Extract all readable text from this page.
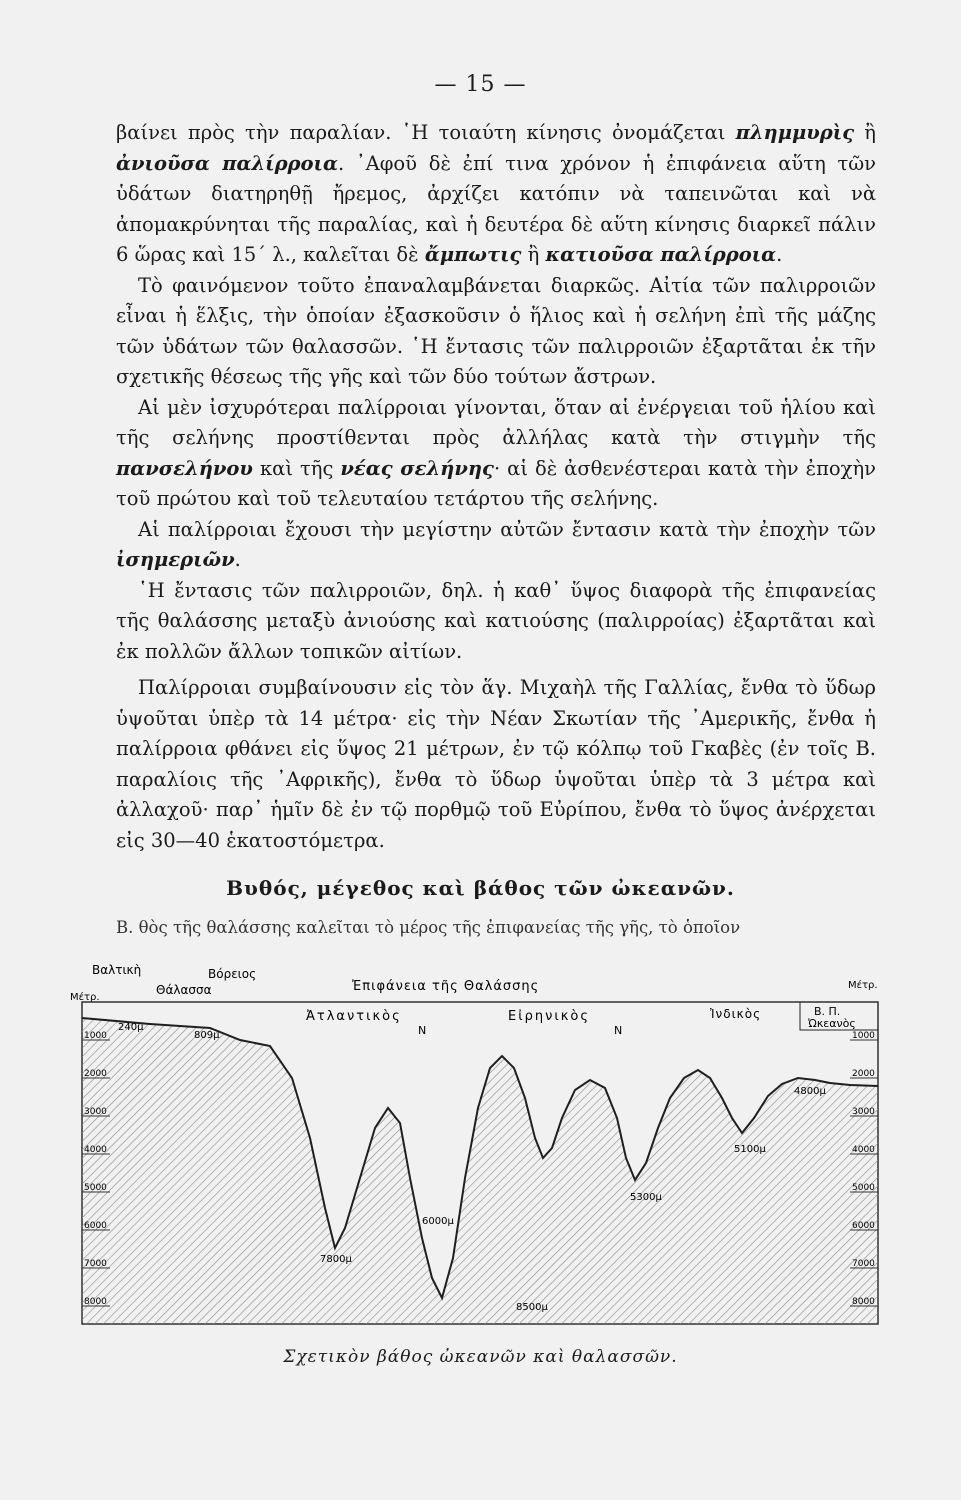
— 15 —

βαίνει πρὸς τὴν παραλίαν. ῾Η τοιαύτη κίνησις ὀνομάζεται πλημμυρὶς ἢ ἀνιοῦσα παλίρροια. ᾿Αφοῦ δὲ ἐπί τινα χρόνον ἡ ἐπιφάνεια αὕτη τῶν ὑδάτων διατηρηθῇ ἤρεμος, ἀρχίζει κατόπιν νὰ ταπεινῶται καὶ νὰ ἀπομακρύνηται τῆς παραλίας, καὶ ἡ δευτέρα δὲ αὕτη κίνησις διαρκεῖ πάλιν 6 ὥρας καὶ 15΄ λ., καλεῖται δὲ ἄμπωτις ἢ κατιοῦσα παλίρροια.

Τὸ φαινόμενον τοῦτο ἐπαναλαμβάνεται διαρκῶς. Αἰτία τῶν παλιρροιῶν εἶναι ἡ ἕλξις, τὴν ὁποίαν ἐξασκοῦσιν ὁ ἥλιος καὶ ἡ σελήνη ἐπὶ τῆς μάζης τῶν ὑδάτων τῶν θαλασσῶν. ῾Η ἔντασις τῶν παλιρροιῶν ἐξαρτᾶται ἐκ τῆν σχετικῆς θέσεως τῆς γῆς καὶ τῶν δύο τούτων ἄστρων.

Αἱ μὲν ἰσχυρότεραι παλίρροιαι γίνονται, ὅταν αἱ ἐνέργειαι τοῦ ἡλίου καὶ τῆς σελήνης προστίθενται πρὸς ἀλλήλας κατὰ τὴν στιγμὴν τῆς πανσελήνου καὶ τῆς νέας σελήνης· αἱ δὲ ἀσθενέστεραι κατὰ τὴν ἐποχὴν τοῦ πρώτου καὶ τοῦ τελευταίου τετάρτου τῆς σελήνης.

Αἱ παλίρροιαι ἔχουσι τὴν μεγίστην αὐτῶν ἔντασιν κατὰ τὴν ἐποχὴν τῶν ἰσημεριῶν.

῾Η ἔντασις τῶν παλιρροιῶν, δηλ. ἡ καθ᾿ ὕψος διαφορὰ τῆς ἐπιφανείας τῆς θαλάσσης μεταξὺ ἀνιούσης καὶ κατιούσης (παλιρροίας) ἐξαρτᾶται καὶ ἐκ πολλῶν ἄλλων τοπικῶν αἰτίων.

Παλίρροιαι συμβαίνουσιν εἰς τὸν ἅγ. Μιχαὴλ τῆς Γαλλίας, ἔνθα τὸ ὕδωρ ὑψοῦται ὑπὲρ τὰ 14 μέτρα· εἰς τὴν Νέαν Σκωτίαν τῆς ᾿Αμερικῆς, ἔνθα ἡ παλίρροια φθάνει εἰς ὕψος 21 μέτρων, ἐν τῷ κόλπῳ τοῦ Γκαβὲς (ἐν τοῖς Β. παραλίοις τῆς ᾿Αφρικῆς), ἔνθα τὸ ὕδωρ ὑψοῦται ὑπὲρ τὰ 3 μέτρα καὶ ἀλλαχοῦ· παρ᾿ ἡμῖν δὲ ἐν τῷ πορθμῷ τοῦ Εὐρίπου, ἔνθα τὸ ὕψος ἀνέρχεται εἰς 30—40 ἑκατοστόμετρα.

Βυθός, μέγεθος καὶ βάθος τῶν ὠκεανῶν.
Β. θὸς τῆς θαλάσσης καλεῖται τὸ μέρος τῆς ἐπιφανείας τῆς γῆς, τὸ ὁποῖον
Βαλτικὴ	Βόρειος
Θάλασσα
Μέτρ.
Ἐπιφάνεια τῆς Θαλάσσης	Μέτρ.
Ἀτλαντικὸς
Ν
Εἰρηνικὸς
Ν
Ἰνδικὸς	Β. Π.
Ὠκεανὸς
240μ
809μ
6000μ
7800μ
8500μ
5300μ
5100μ
4800μ
1000
2000
3000
4000
5000
6000
7000
8000
1000
2000
3000
4000
5000
6000
7000
8000
Σχετικὸν βάθος ὠκεανῶν καὶ θαλασσῶν.
